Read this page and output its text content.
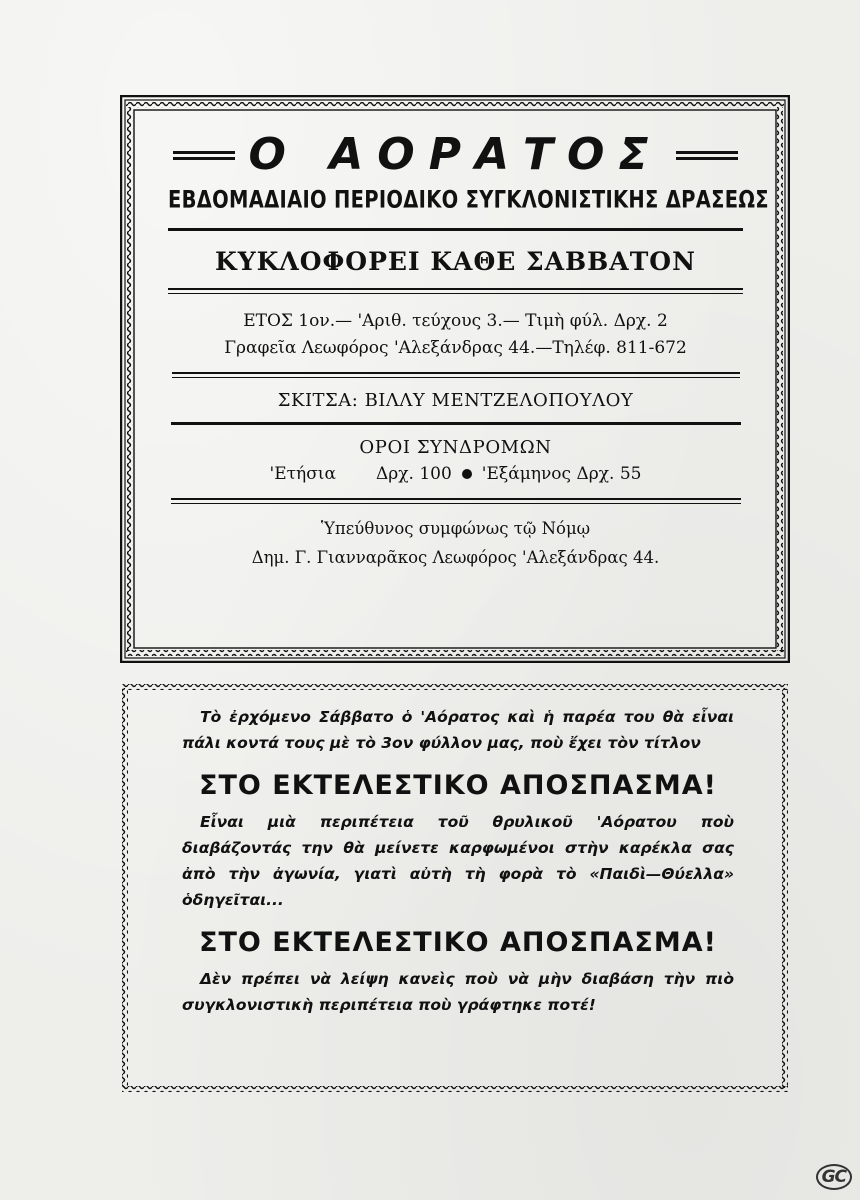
Ο ΑΟΡΑΤΟΣ
ΕΒΔΟΜΑΔΙΑΙΟ ΠΕΡΙΟΔΙΚΟ ΣΥΓΚΛΟΝΙΣΤΙΚΗΣ ΔΡΑΣΕΩΣ
ΚΥΚΛΟΦΟΡΕΙ ΚΑΘΕ ΣΑΒΒΑΤΟΝ
ΕΤΟΣ 1ον.— 'Αριθ. τεύχους 3.— Τιμὴ φύλ. Δρχ. 2
Γραφεῖα Λεωφόρος 'Αλεξάνδρας 44.—Τηλέφ. 811-672
ΣΚΙΤΣΑ: ΒΙΛΛΥ ΜΕΝΤΖΕΛΟΠΟΥΛΟΥ
ΟΡΟΙ ΣΥΝΔΡΟΜΩΝ
'Ετήσια Δρχ. 100 'Εξάμηνος Δρχ. 55
Ὑπεύθυνος συμφώνως τῷ Νόμῳ
Δημ. Γ. Γιανναρᾶκος Λεωφόρος 'Αλεξάνδρας 44.
Τὸ ἐρχόμενο Σάββατο ὁ 'Αόρατος καὶ ἡ παρέα του θὰ εἶναι πάλι κοντά τους μὲ τὸ 3ον φύλλον μας, ποὺ ἔχει τὸν τίτλον
ΣΤΟ ΕΚΤΕΛΕΣΤΙΚΟ ΑΠΟΣΠΑΣΜΑ!
Εἶναι μιὰ περιπέτεια τοῦ θρυλικοῦ 'Αόρατου ποὺ διαβάζοντάς την θὰ μείνετε καρφωμένοι στὴν καρέκλα σας ἀπὸ τὴν ἀγωνία, γιατὶ αὐτὴ τὴ φορὰ τὸ «Παιδὶ—Θύελλα» ὁδηγεῖται...
ΣΤΟ ΕΚΤΕΛΕΣΤΙΚΟ ΑΠΟΣΠΑΣΜΑ!
Δὲν πρέπει νὰ λείψη κανεὶς ποὺ νὰ μὴν διαβάση τὴν πιὸ συγκλονιστικὴ περιπέτεια ποὺ γράφτηκε ποτέ!
GC
